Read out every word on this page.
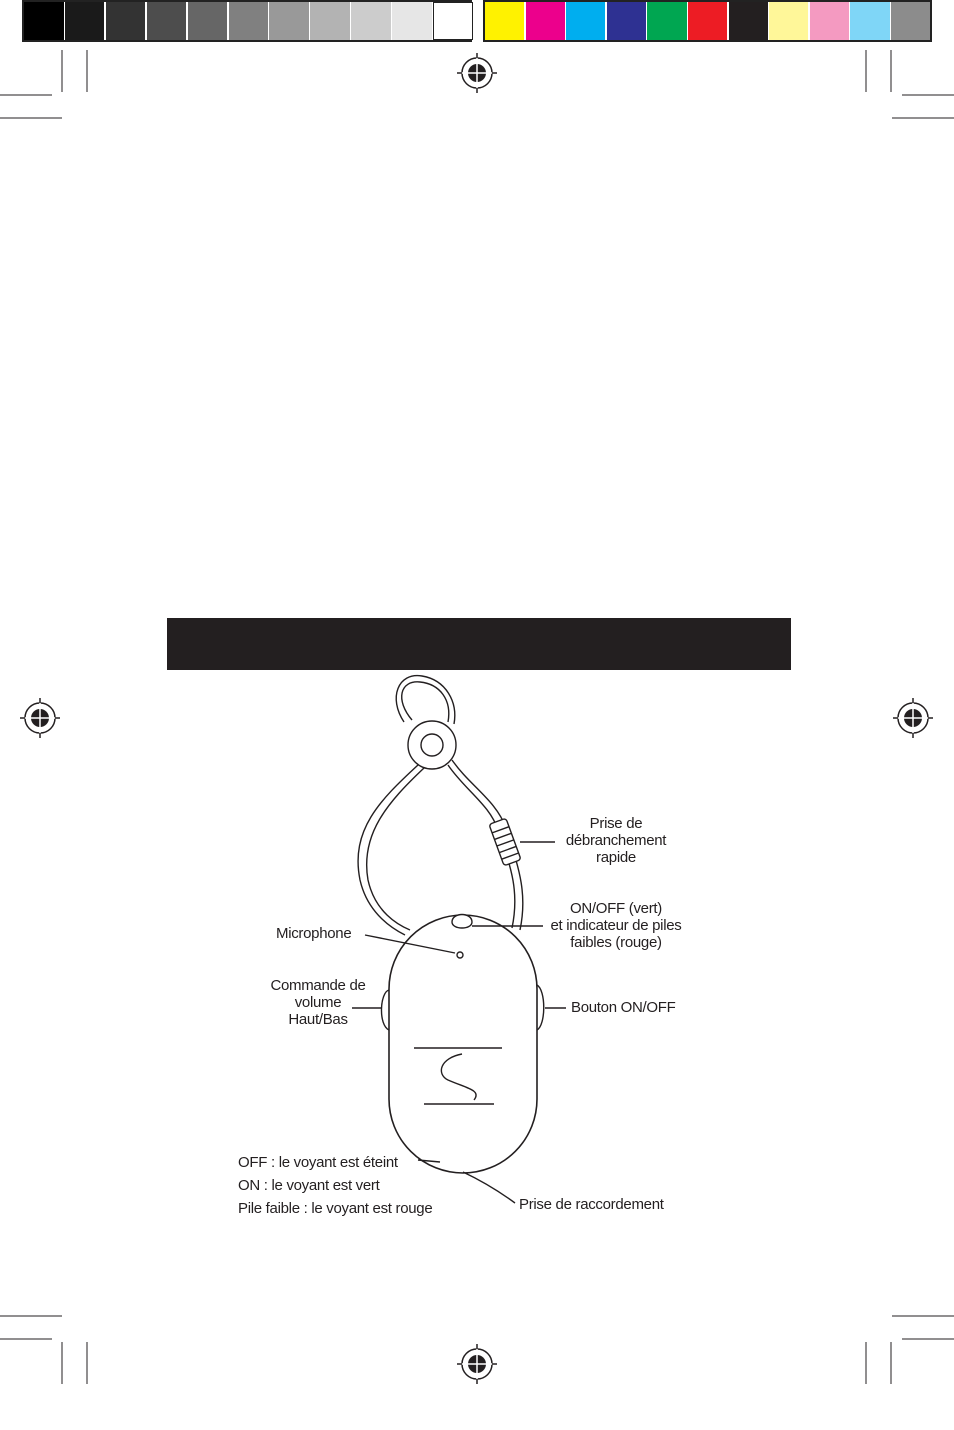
Prise de
débranchement
rapide
ON/OFF (vert)
et indicateur de piles
faibles (rouge)
Microphone
Commande de
volume
Haut/Bas
Bouton ON/OFF
OFF : le voyant est éteint
ON : le voyant est vert
Pile faible : le voyant est rouge	Prise de raccordement
